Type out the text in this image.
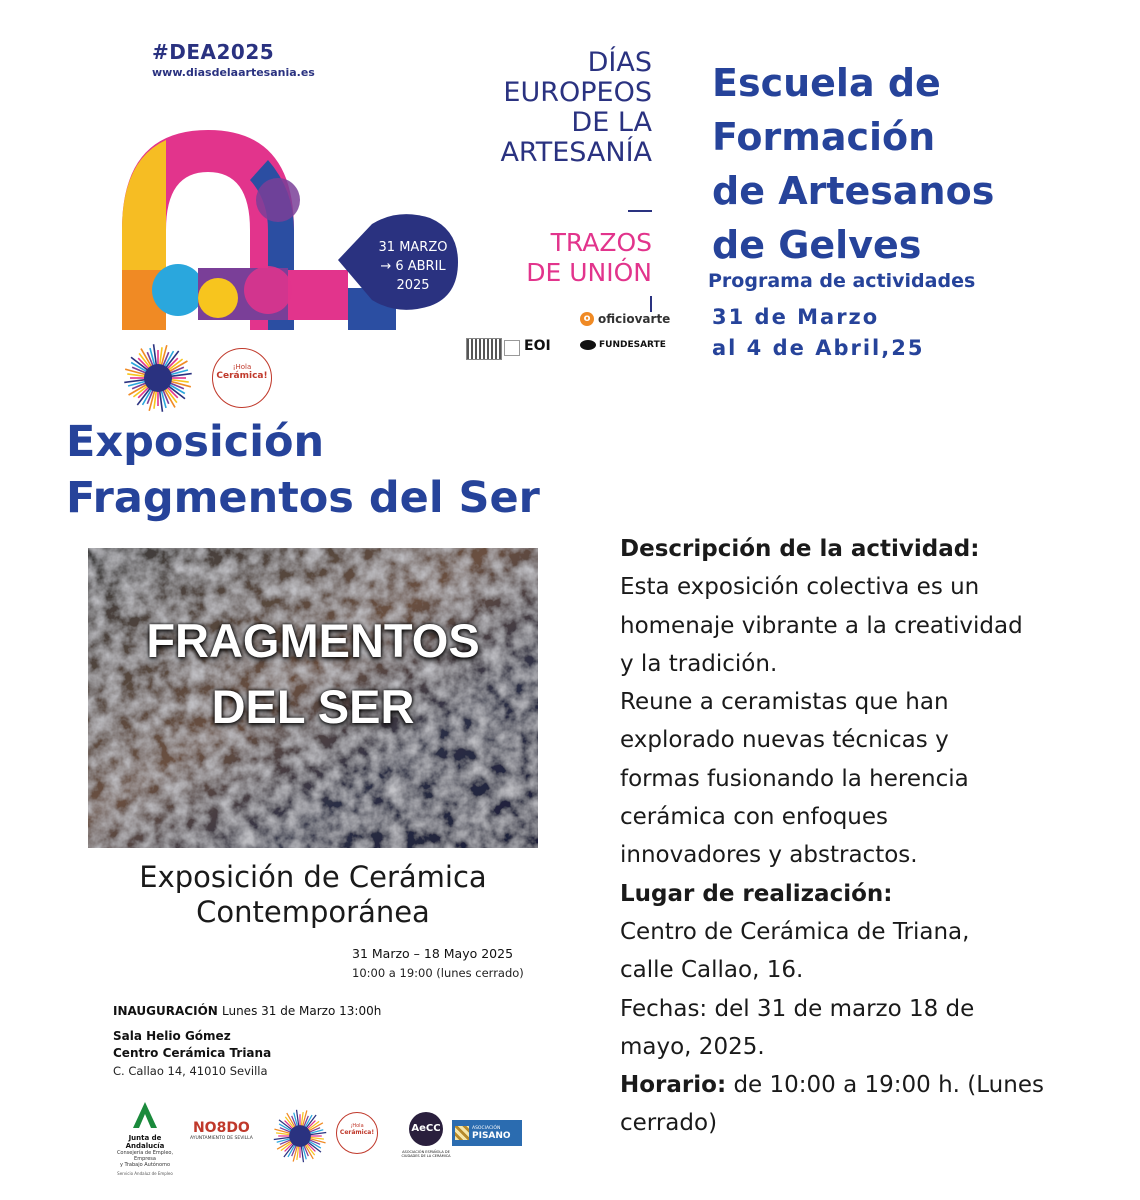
#DEA2025
www.diasdelaartesania.es
31 MARZO
→ 6 ABRIL
2025
DÍAS
EUROPEOS
DE LA
ARTESANÍA
TRAZOS
DE UNIÓN
o oficiovarte
EOI	FUNDESARTE
Escuela de
Formación
de Artesanos
de Gelves
Programa de actividades
31 de Marzo
al 4 de Abril,25
¡Hola
Cerámica!
Exposición
Fragmentos del Ser
FRAGMENTOS
DEL SER
Exposición de Cerámica
Contemporánea
31 Marzo – 18 Mayo 2025
10:00 a 19:00 (lunes cerrado)
INAUGURACIÓN Lunes 31 de Marzo 13:00h
Sala Helio Gómez
Centro Cerámica Triana
C. Callao 14, 41010 Sevilla
Junta de Andalucía
Consejería de Empleo, Empresa
y Trabajo Autónomo
Servicio Andaluz de Empleo
NO8DO
AYUNTAMIENTO DE SEVILLA
¡Hola
Cerámica!	AeCC
ASOCIACIÓN ESPAÑOLA DE
CIUDADES DE LA CERÁMICA
ASOCIACIÓN
PISANO
Descripción de la actividad:
Esta exposición colectiva es un
homenaje vibrante a la creatividad
y la tradición.
Reune a ceramistas que han
explorado nuevas técnicas y
formas fusionando la herencia
cerámica con enfoques
innovadores y abstractos.
Lugar de realización:
Centro de Cerámica de Triana,
calle Callao, 16.
Fechas: del 31 de marzo 18 de
mayo, 2025.
Horario: de 10:00 a 19:00 h. (Lunes
cerrado)
